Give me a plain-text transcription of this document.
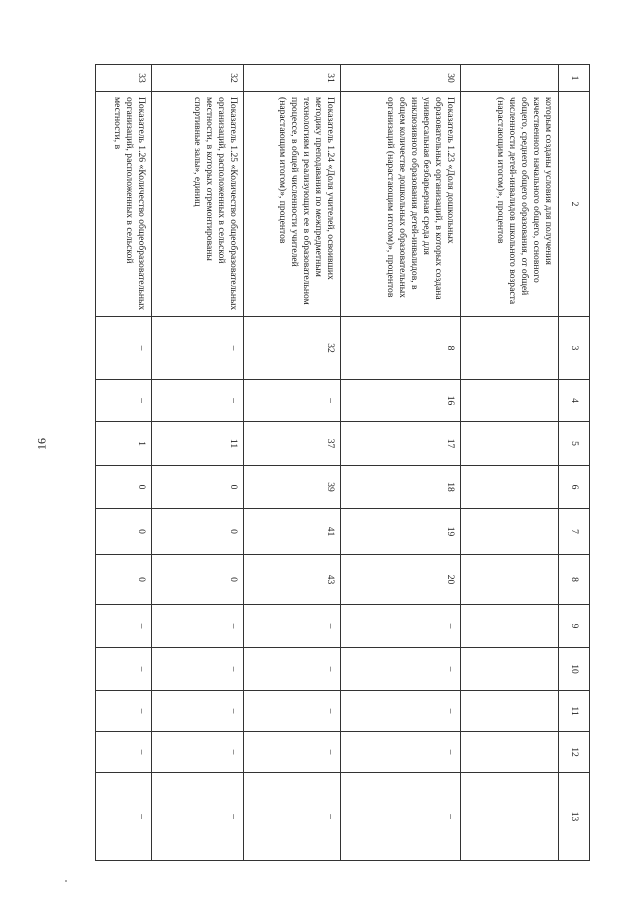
16
1	2	3	4	5	6	7	8	9	10	11	12	13
	которым созданы условия для получения качественного начального общего, основного общего, среднего общего образования, от общей численности детей-инвалидов школьного возраста (нарастающим итогом)», процентов											
30	Показатель 1.23 «Доля дошкольных образовательных организаций, в которых создана универсальная безбарьерная среда для инклюзивного образования детей-инвалидов, в общем количестве дошкольных образовательных организаций (нарастающим итогом)», процентов	8	16	17	18	19	20	–	–	–	–	–
31	Показатель 1.24 «Доля учителей, освоивших методику преподавания по межпредметным технологиям и реализующих ее в образовательном процессе, в общей численности учителей (нарастающим итогом)», процентов	32	–	37	39	41	43	–	–	–	–	–
32	Показатель 1.25 «Количество общеобразовательных организаций, расположенных в сельской местности, в которых отремонтированы спортивные залы», единиц	–	–	11	0	0	0	–	–	–	–	–
33	Показатель 1.26 «Количество общеобразовательных организаций, расположенных в сельской местности, в	–	–	1	0	0	0	–	–	–	–	–
